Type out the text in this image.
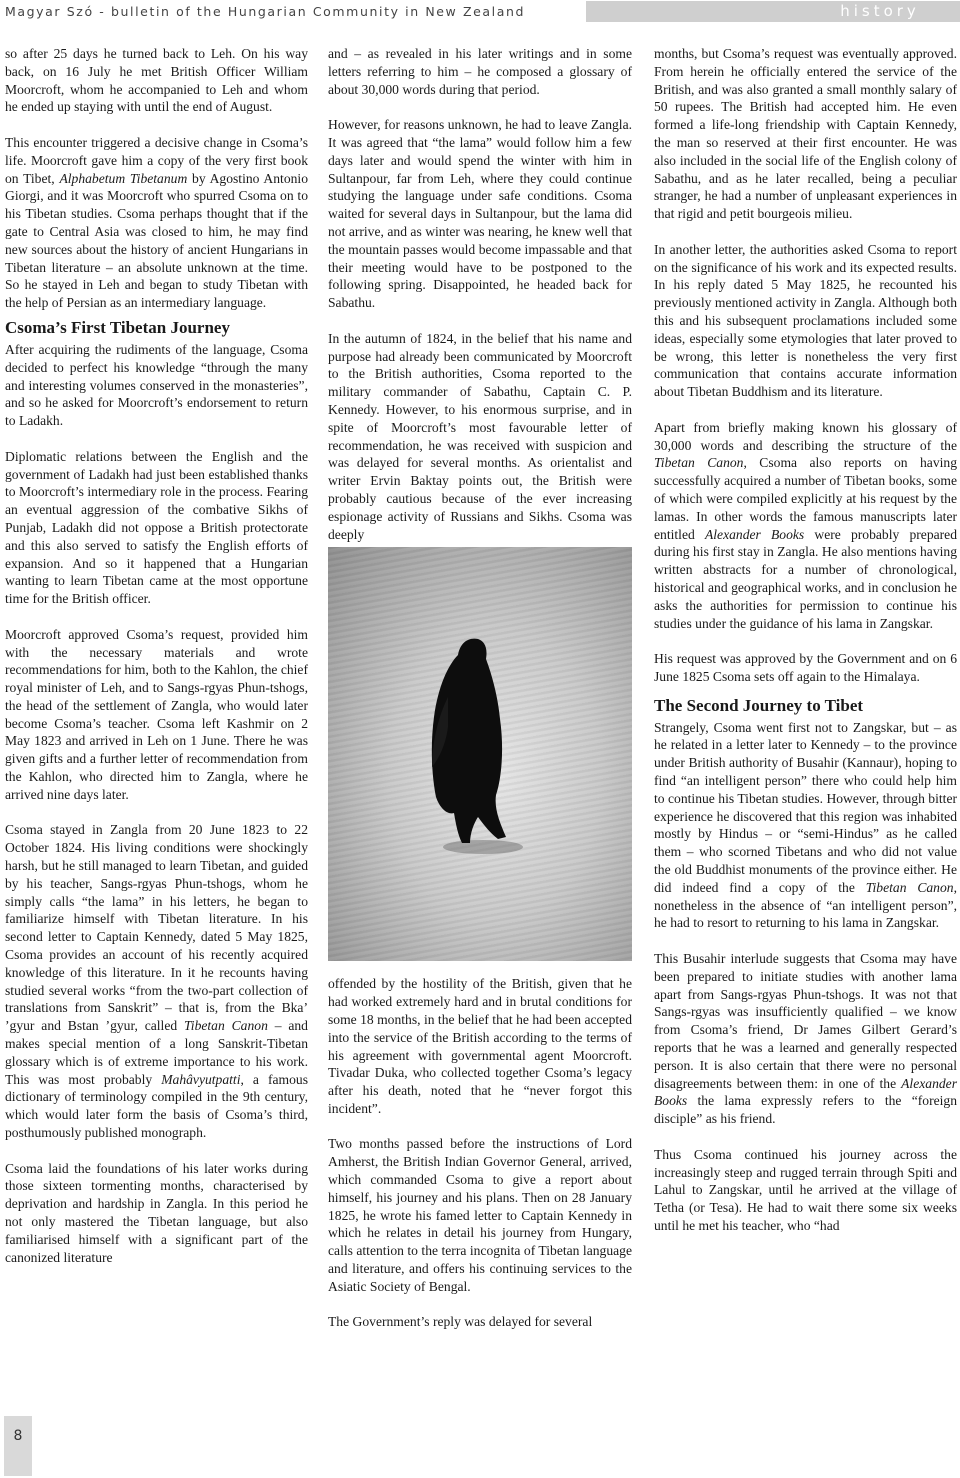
Magyar Szó - bulletin of the Hungarian Community in New Zealand	history

so after 25 days he turned back to Leh. On his way back, on 16 July he met British Officer William Moorcroft, whom he accompanied to Leh and whom he ended up staying with until the end of August.

This encounter triggered a decisive change in Csoma’s life. Moorcroft gave him a copy of the very first book on Tibet, Alphabetum Tibetanum by Agostino Antonio Giorgi, and it was Moorcroft who spurred Csoma on to his Tibetan studies. Csoma perhaps thought that if the gate to Central Asia was closed to him, he may find new sources about the history of ancient Hungarians in Tibetan literature – an absolute unknown at the time. So he stayed in Leh and began to study Tibetan with the help of Persian as an intermediary language.

Csoma’s First Tibetan Journey

After acquiring the rudiments of the language, Csoma decided to perfect his knowledge “through the many and interesting volumes conserved in the monasteries”, and so he asked for Moorcroft’s endorsement to return to Ladakh.

Diplomatic relations between the English and the government of Ladakh had just been established thanks to Moorcroft’s intermediary role in the process. Fearing an eventual aggression of the combative Sikhs of Punjab, Ladakh did not oppose a British protectorate and this also served to satisfy the English efforts of expansion. And so it happened that a Hungarian wanting to learn Tibetan came at the most opportune time for the British officer.

Moorcroft approved Csoma’s request, provided him with the necessary materials and wrote recommendations for him, both to the Kahlon, the chief royal minister of Leh, and to Sangs-rgyas Phun-tshogs, the head of the settlement of Zangla, who would later become Csoma’s teacher. Csoma left Kashmir on 2 May 1823 and arrived in Leh on 1 June. There he was given gifts and a further letter of recommendation from the Kahlon, who directed him to Zangla, where he arrived nine days later.

Csoma stayed in Zangla from 20 June 1823 to 22 October 1824. His living conditions were shockingly harsh, but he still managed to learn Tibetan, and guided by his teacher, Sangs-rgyas Phun-tshogs, whom he simply calls “the lama” in his letters, he began to familiarize himself with Tibetan literature. In his second letter to Captain Kennedy, dated 5 May 1825, Csoma provides an account of his recently acquired knowledge of this literature. In it he recounts having studied several works “from the two-part collection of translations from Sanskrit” – that is, from the Bka’ ’gyur and Bstan ’gyur, called Tibetan Canon – and makes special mention of a long Sanskrit-Tibetan glossary which is of extreme importance to his work. This was most probably Mahâvyutpatti, a famous dictionary of terminology compiled in the 9th century, which would later form the basis of Csoma’s third, posthumously published monograph.

Csoma laid the foundations of his later works during those sixteen tormenting months, characterised by deprivation and hardship in Zangla. In this period he not only mastered the Tibetan language, but also familiarised himself with a significant part of the canonized literature

and – as revealed in his later writings and in some letters referring to him – he composed a glossary of about 30,000 words during that period.

However, for reasons unknown, he had to leave Zangla. It was agreed that “the lama” would follow him a few days later and would spend the winter with him in Sultanpour, far from Leh, where they could continue studying the language under safe conditions. Csoma waited for several days in Sultanpour, but the lama did not arrive, and as winter was nearing, he knew well that the mountain passes would become impassable and that their meeting would have to be postponed to the following spring. Disappointed, he headed back for Sabathu.

In the autumn of 1824, in the belief that his name and purpose had already been communicated by Moorcroft to the British authorities, Csoma reported to the military commander of Sabathu, Captain C. P. Kennedy. However, to his enormous surprise, and in spite of Moorcroft’s most favourable letter of recommendation, he was received with suspicion and was delayed for several months. As orientalist and writer Ervin Baktay points out, the British were probably cautious because of the ever increasing espionage activity of Russians and Sikhs. Csoma was deeply

offended by the hostility of the British, given that he had worked extremely hard and in brutal conditions for some 18 months, in the belief that he had been accepted into the service of the British according to the terms of his agreement with governmental agent Moorcroft. Tivadar Duka, who collected together Csoma’s legacy after his death, noted that he “never forgot this incident”.

Two months passed before the instructions of Lord Amherst, the British Indian Governor General, arrived, which commanded Csoma to give a report about himself, his journey and his plans. Then on 28 January 1825, he wrote his famed letter to Captain Kennedy in which he relates in detail his journey from Hungary, calls attention to the terra incognita of Tibetan language and literature, and offers his continuing services to the Asiatic Society of Bengal.

The Government’s reply was delayed for several

months, but Csoma’s request was eventually approved. From herein he officially entered the service of the British, and was also granted a small monthly salary of 50 rupees. The British had accepted him. He even formed a life-long friendship with Captain Kennedy, the man so reserved at their first encounter. He was also included in the social life of the English colony of Sabathu, and as he later recalled, being a peculiar stranger, he had a number of unpleasant experiences in that rigid and petit bourgeois milieu.

In another letter, the authorities asked Csoma to report on the significance of his work and its expected results. In his reply dated 5 May 1825, he recounted his previously mentioned activity in Zangla. Although both this and his subsequent proclamations included some ideas, especially some etymologies that later proved to be wrong, this letter is nonetheless the very first communication that contains accurate information about Tibetan Buddhism and its literature.

Apart from briefly making known his glossary of 30,000 words and describing the structure of the Tibetan Canon, Csoma also reports on having successfully acquired a number of Tibetan books, some of which were compiled explicitly at his request by the lamas. In other words the famous manuscripts later entitled Alexander Books were probably prepared during his first stay in Zangla. He also mentions having written abstracts for a number of chronological, historical and geographical works, and in conclusion he asks the authorities for permission to continue his studies under the guidance of his lama in Zangskar.

His request was approved by the Government and on 6 June 1825 Csoma sets off again to the Himalaya.

The Second Journey to Tibet

Strangely, Csoma went first not to Zangskar, but – as he related in a letter later to Kennedy – to the province under British authority of Busahir (Kannaur), hoping to find “an intelligent person” there who could help him to continue his Tibetan studies. However, through bitter experience he discovered that this region was inhabited mostly by Hindus – or “semi-Hindus” as he called them – who scorned Tibetans and who did not value the old Buddhist monuments of the province either. He did indeed find a copy of the Tibetan Canon, nonetheless in the absence of “an intelligent person”, he had to resort to returning to his lama in Zangskar.

This Busahir interlude suggests that Csoma may have been prepared to initiate studies with another lama apart from Sangs-rgyas Phun-tshogs. It was not that Sangs-rgyas was insufficiently qualified – we know from Csoma’s friend, Dr James Gilbert Gerard’s reports that he was a learned and generally respected person. It is also certain that there were no personal disagreements between them: in one of the Alexander Books the lama expressly refers to the “foreign disciple” as his friend.

Thus Csoma continued his journey across the increasingly steep and rugged terrain through Spiti and Lahul to Zangskar, until he arrived at the village of Tetha (or Tesa). He had to wait there some six weeks until he met his teacher, who “had

8
